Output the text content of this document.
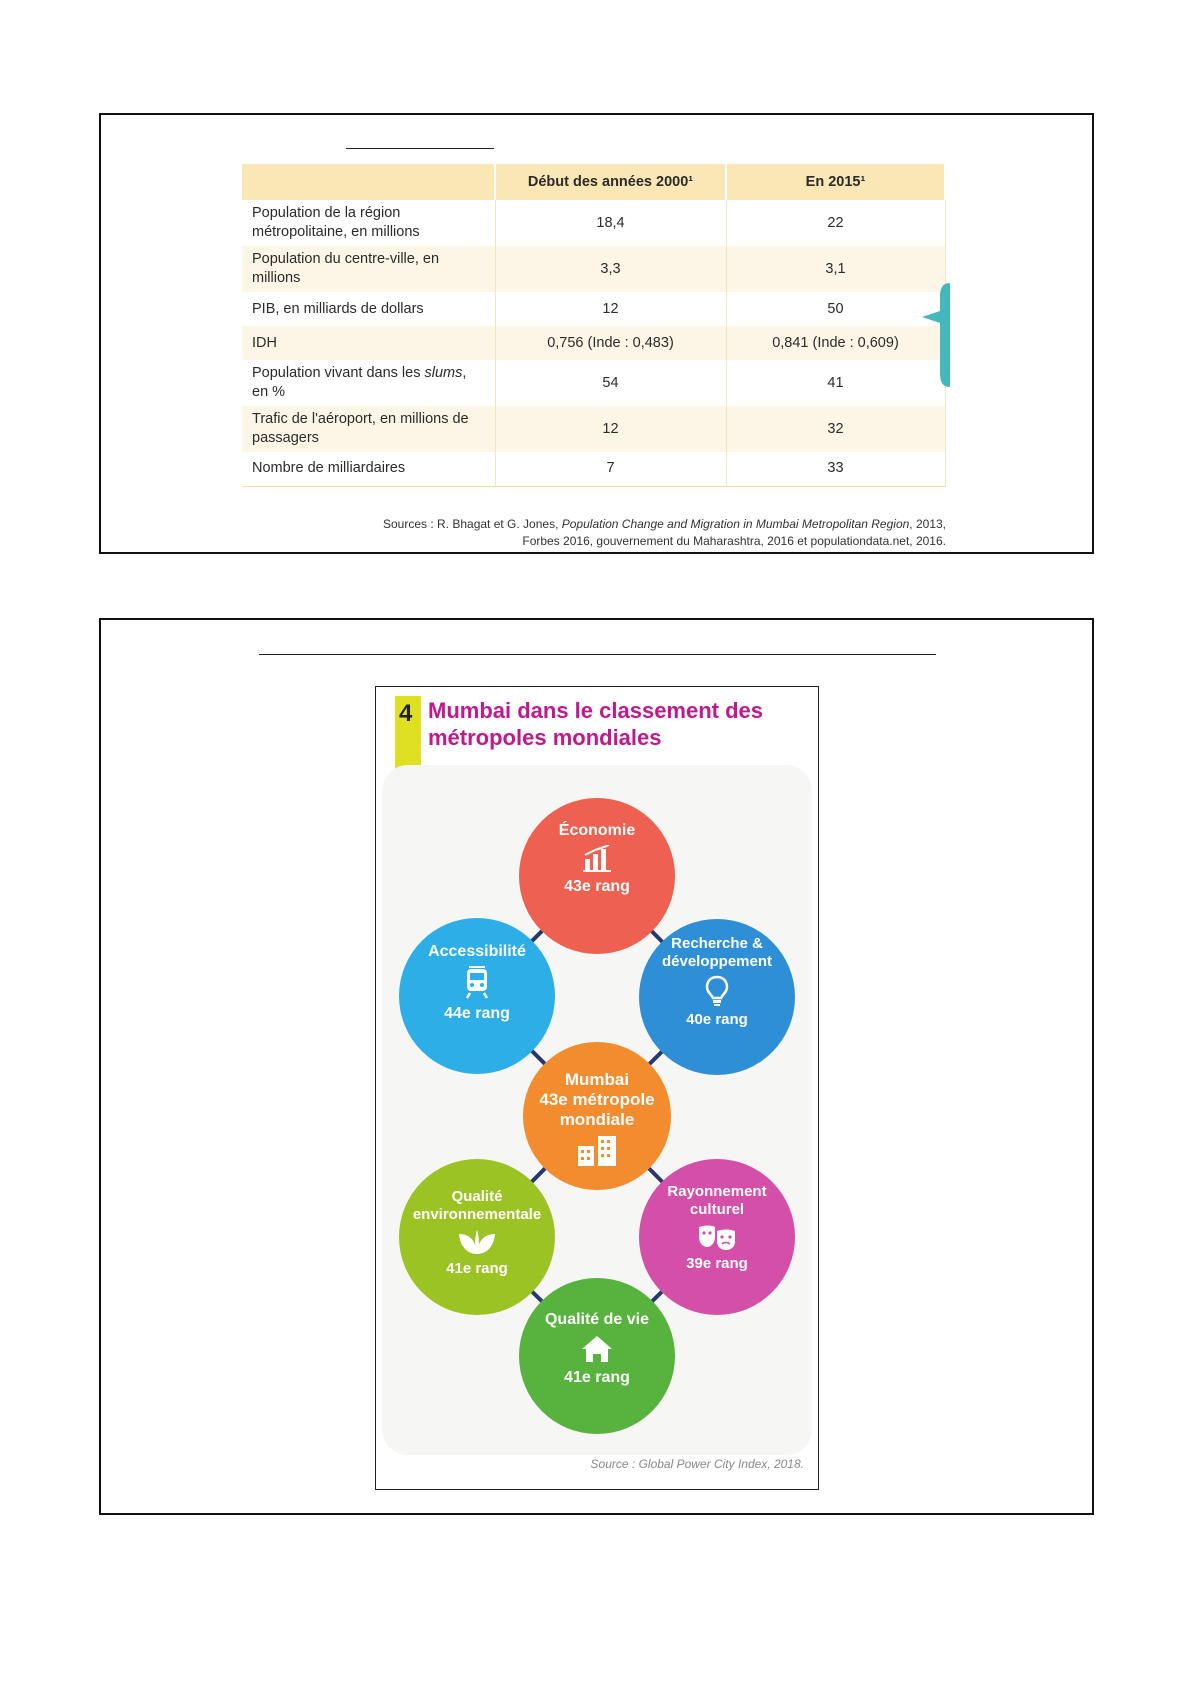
	Début des années 2000¹	En 2015¹
Population de la région métropolitaine, en millions	18,4	22
Population du centre-ville, en millions	3,3	3,1
PIB, en milliards de dollars	12	50
IDH	0,756 (Inde : 0,483)	0,841 (Inde : 0,609)
Population vivant dans les slums, en %	54	41
Trafic de l'aéroport, en millions de passagers	12	32
Nombre de milliardaires	7	33
Sources : R. Bhagat et G. Jones, Population Change and Migration in Mumbai Metropolitan Region, 2013,
Forbes 2016, gouvernement du Maharashtra, 2016 et populationdata.net, 2016.
4 Mumbai dans le classement des métropoles mondiales
Économie
43e rang
Recherche & développement
40e rang
Accessibilité
44e rang
Mumbai
43e métropole
mondiale
Qualité environnementale
41e rang
Rayonnement culturel
39e rang
Qualité de vie
41e rang
Source : Global Power City Index, 2018.
